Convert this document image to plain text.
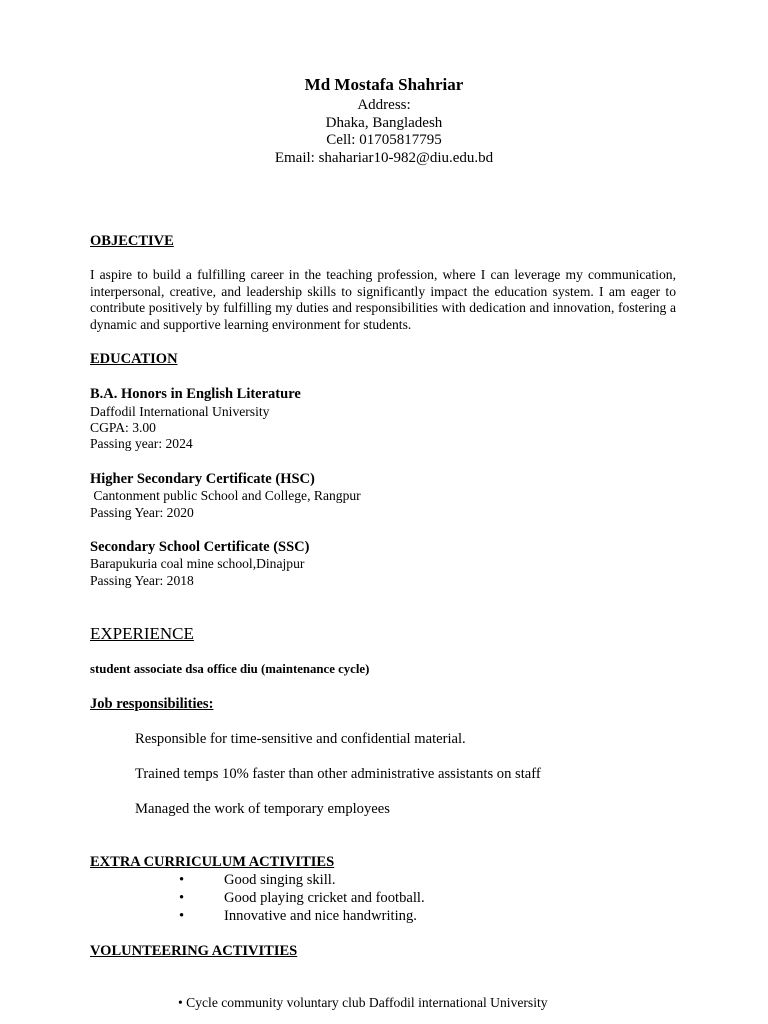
Md Mostafa Shahriar
Address:
Dhaka, Bangladesh
Cell: 01705817795
Email: shahariar10-982@diu.edu.bd
OBJECTIVE
I aspire to build a fulfilling career in the teaching profession, where I can leverage my communication, interpersonal, creative, and leadership skills to significantly impact the education system. I am eager to contribute positively by fulfilling my duties and responsibilities with dedication and innovation, fostering a dynamic and supportive learning environment for students.
EDUCATION
B.A. Honors in English Literature
Daffodil International University
CGPA: 3.00
Passing year: 2024
Higher Secondary Certificate (HSC)
Cantonment public School and College, Rangpur
Passing Year: 2020
Secondary School Certificate (SSC)
Barapukuria coal mine school,Dinajpur
Passing Year: 2018
EXPERIENCE
student associate dsa office diu (maintenance cycle)
Job responsibilities:
Responsible for time-sensitive and confidential material.
Trained temps 10% faster than other administrative assistants on staff
Managed the work of temporary employees
EXTRA CURRICULUM ACTIVITIES
•	Good singing skill.
•	Good playing cricket and football.
•	Innovative and nice handwriting.
VOLUNTEERING ACTIVITIES
• Cycle community voluntary club Daffodil international University
